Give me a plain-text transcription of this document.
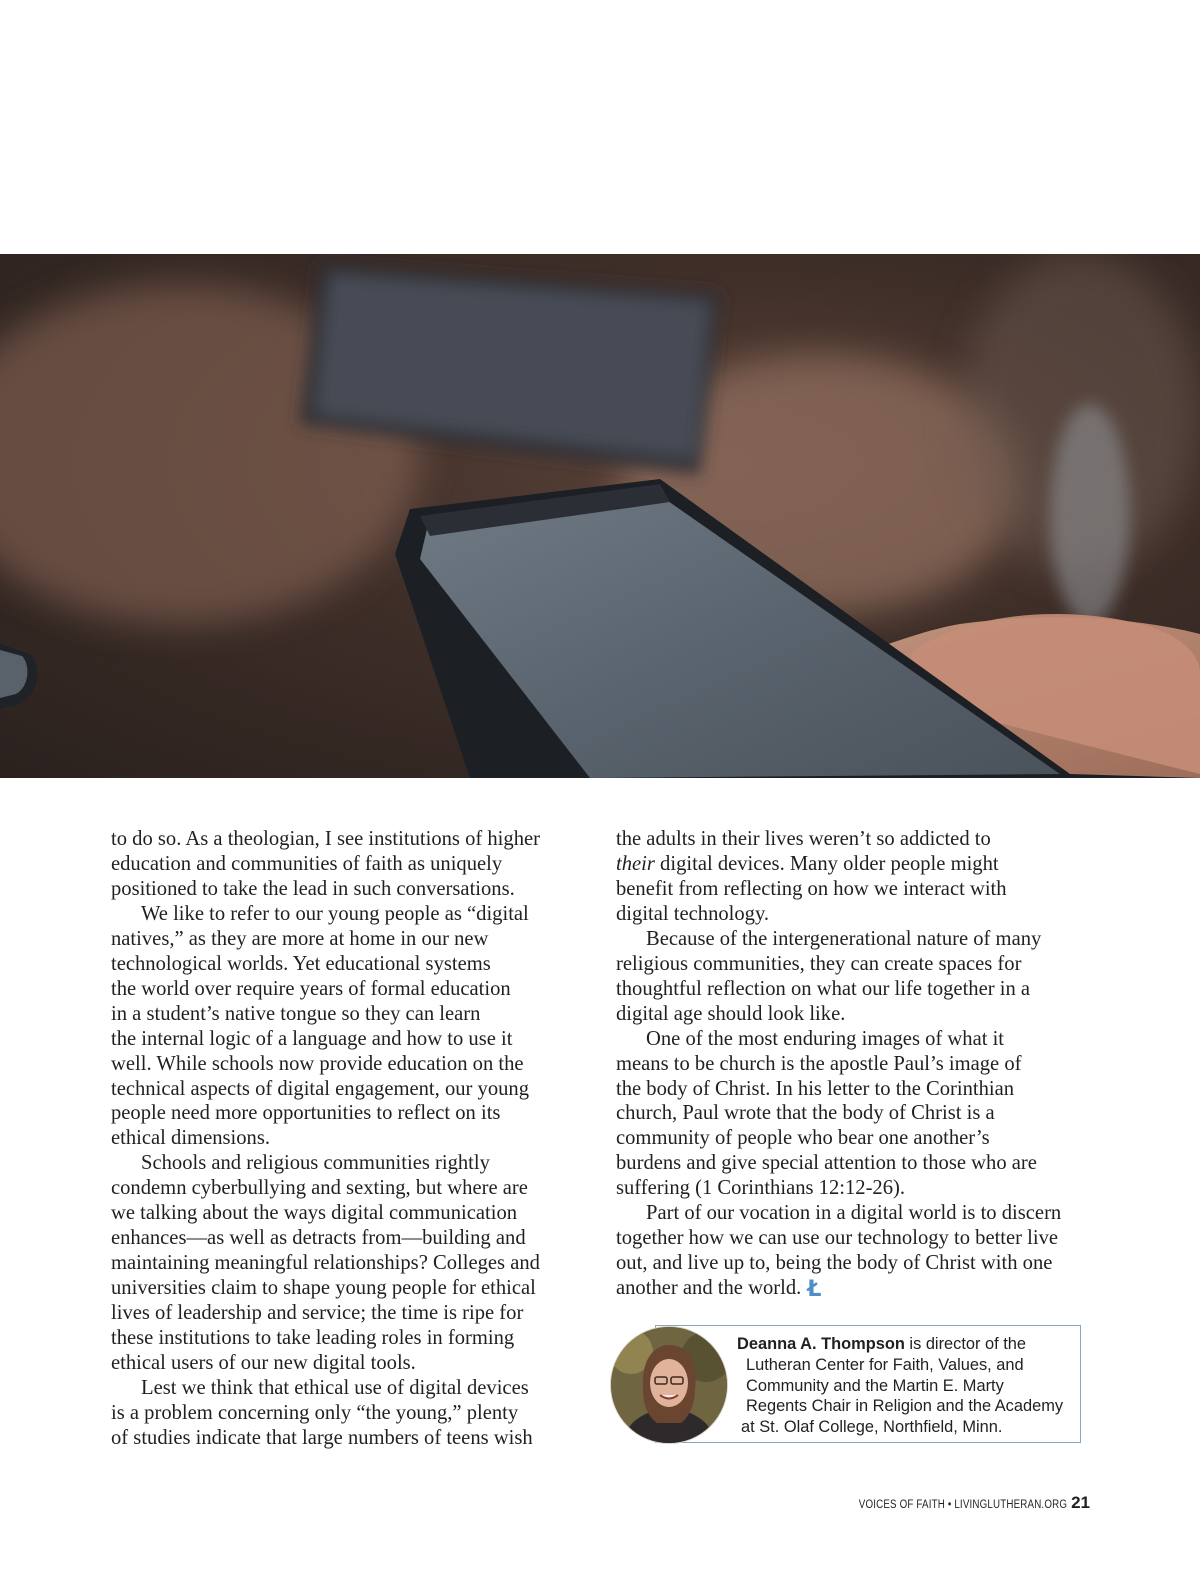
to do so. As a theologian, I see institutions of higher
education and communities of faith as uniquely
positioned to take the lead in such conversations.
We like to refer to our young people as “digital
natives,” as they are more at home in our new
technological worlds. Yet educational systems
the world over require years of formal education
in a student’s native tongue so they can learn
the internal logic of a language and how to use it
well. While schools now provide education on the
technical aspects of digital engagement, our young
people need more opportunities to reflect on its
ethical dimensions.
Schools and religious communities rightly
condemn cyberbullying and sexting, but where are
we talking about the ways digital communication
enhances—as well as detracts from—building and
maintaining meaningful relationships? Colleges and
universities claim to shape young people for ethical
lives of leadership and service; the time is ripe for
these institutions to take leading roles in forming
ethical users of our new digital tools.
Lest we think that ethical use of digital devices
is a problem concerning only “the young,” plenty
of studies indicate that large numbers of teens wish
the adults in their lives weren’t so addicted to
their digital devices. Many older people might
benefit from reflecting on how we interact with
digital technology.
Because of the intergenerational nature of many
religious communities, they can create spaces for
thoughtful reflection on what our life together in a
digital age should look like.
One of the most enduring images of what it
means to be church is the apostle Paul’s image of
the body of Christ. In his letter to the Corinthian
church, Paul wrote that the body of Christ is a
community of people who bear one another’s
burdens and give special attention to those who are
suffering (1 Corinthians 12:12-26).
Part of our vocation in a digital world is to discern
together how we can use our technology to better live
out, and live up to, being the body of Christ with one
another and the world. Ł
Deanna A. Thompson is director of the
Lutheran Center for Faith, Values, and
Community and the Martin E. Marty
Regents Chair in Religion and the Academy
at St. Olaf College, Northfield, Minn.
VOICES OF FAITH • LIVINGLUTHERAN.ORG 21
